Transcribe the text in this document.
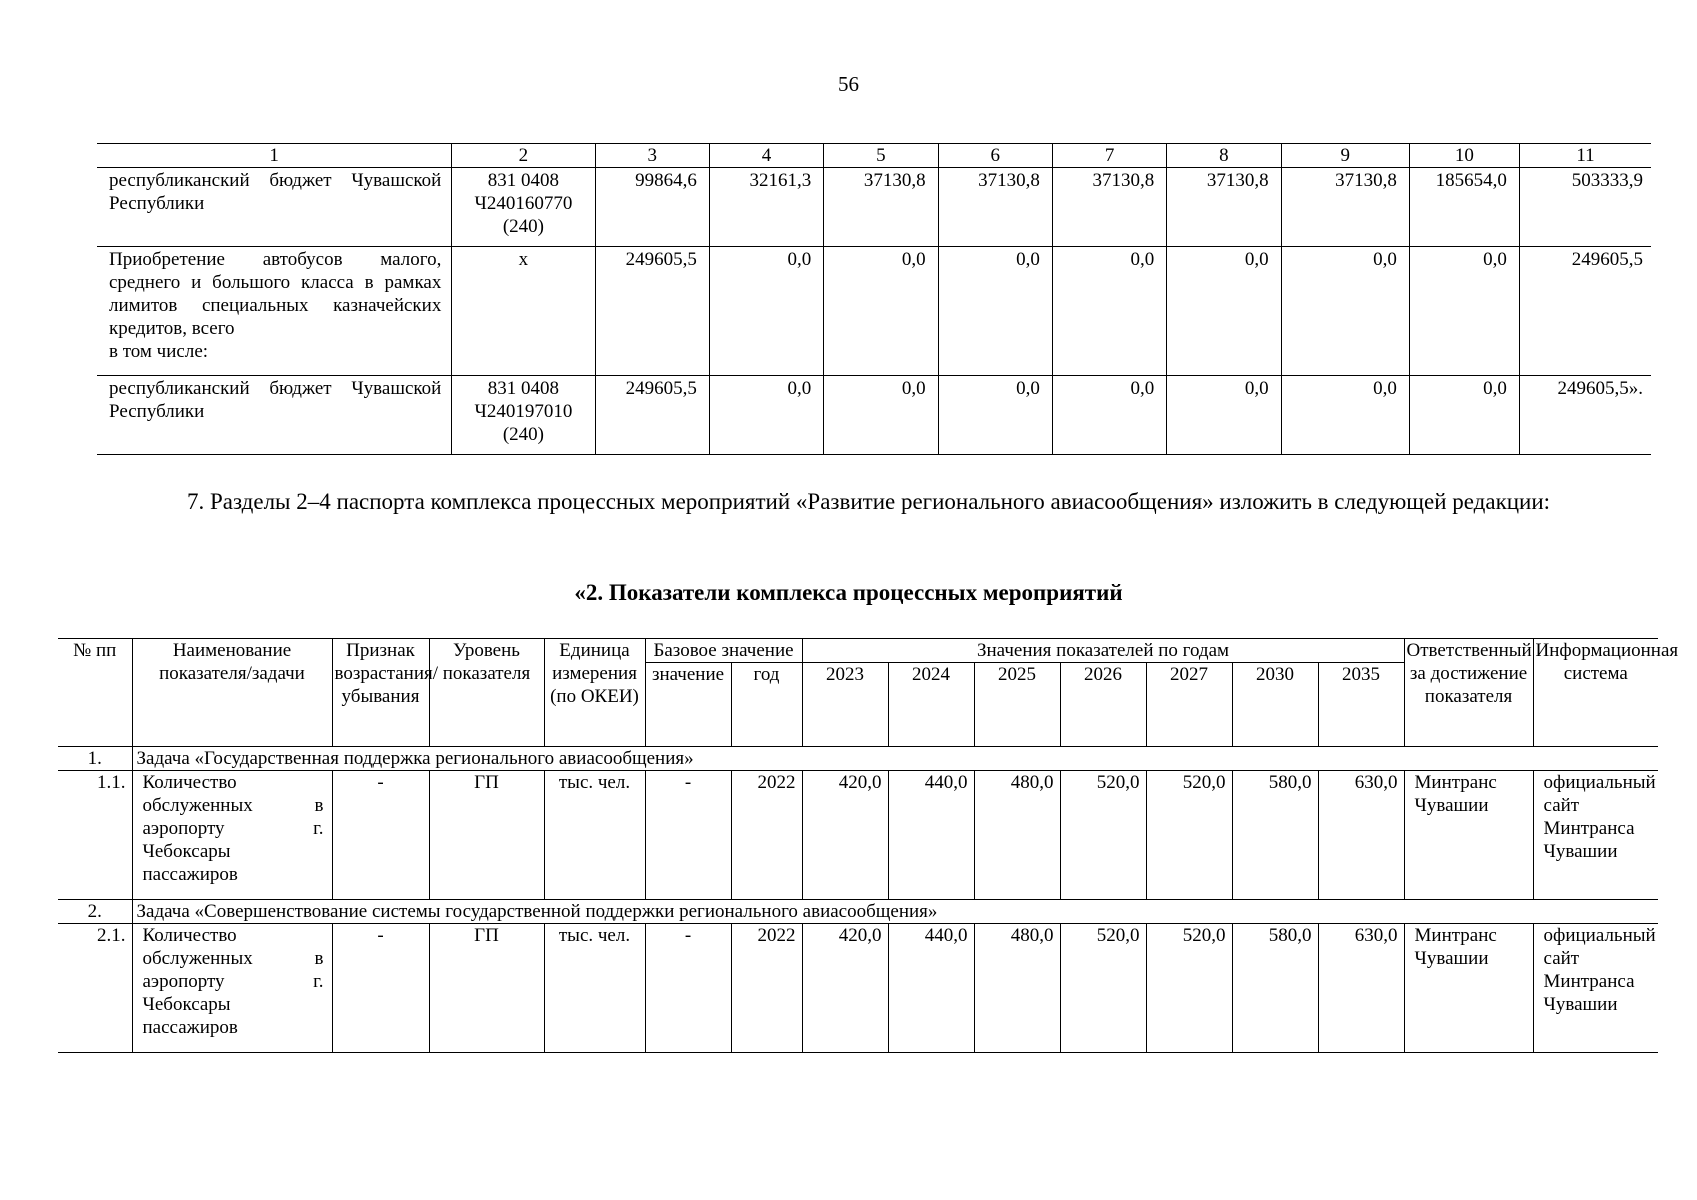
56
1	2	3	4	5	6	7	8	9	10	11
республиканский бюджет Чувашской Республики	831 0408
Ч240160770
(240)	99864,6	32161,3	37130,8	37130,8	37130,8	37130,8	37130,8	185654,0	503333,9

Приобретение автобусов малого, среднего и большого класса в рамках лимитов специальных казначейских кредитов, всего
в том числе:	x	249605,5	0,0	0,0	0,0	0,0	0,0	0,0	0,0	249605,5
республиканский бюджет Чувашской Республики	831 0408
Ч240197010
(240)	249605,5	0,0	0,0	0,0	0,0	0,0	0,0	0,0	249605,5».

7. Разделы 2–4 паспорта комплекса процессных мероприятий «Развитие регионального авиасообщения» изложить в следующей редакции:

«2. Показатели комплекса процессных мероприятий
№ пп	Наименование показателя/задачи	Признак возрастания/убывания	Уровень показателя	Единица измерения (по ОКЕИ)	Базовое значение		Значения показателей по годам							Ответственный за достижение показателя	Информационная система
					значение	год	2023	2024	2025	2026	2027	2030	2035		
1.	Задача «Государственная поддержка регионального авиасообщения»														
1.1.	Количество обслуженных в аэропорту г. Чебоксары пассажиров	-	ГП	тыс. чел.	-	2022	420,0	440,0	480,0	520,0	520,0	580,0	630,0	Минтранс Чувашии	официальный сайт Минтранса Чувашии
2.	Задача «Совершенствование системы государственной поддержки регионального авиасообщения»														
2.1.	Количество обслуженных в аэропорту г. Чебоксары пассажиров	-	ГП	тыс. чел.	-	2022	420,0	440,0	480,0	520,0	520,0	580,0	630,0	Минтранс Чувашии	официальный сайт Минтранса Чувашии
